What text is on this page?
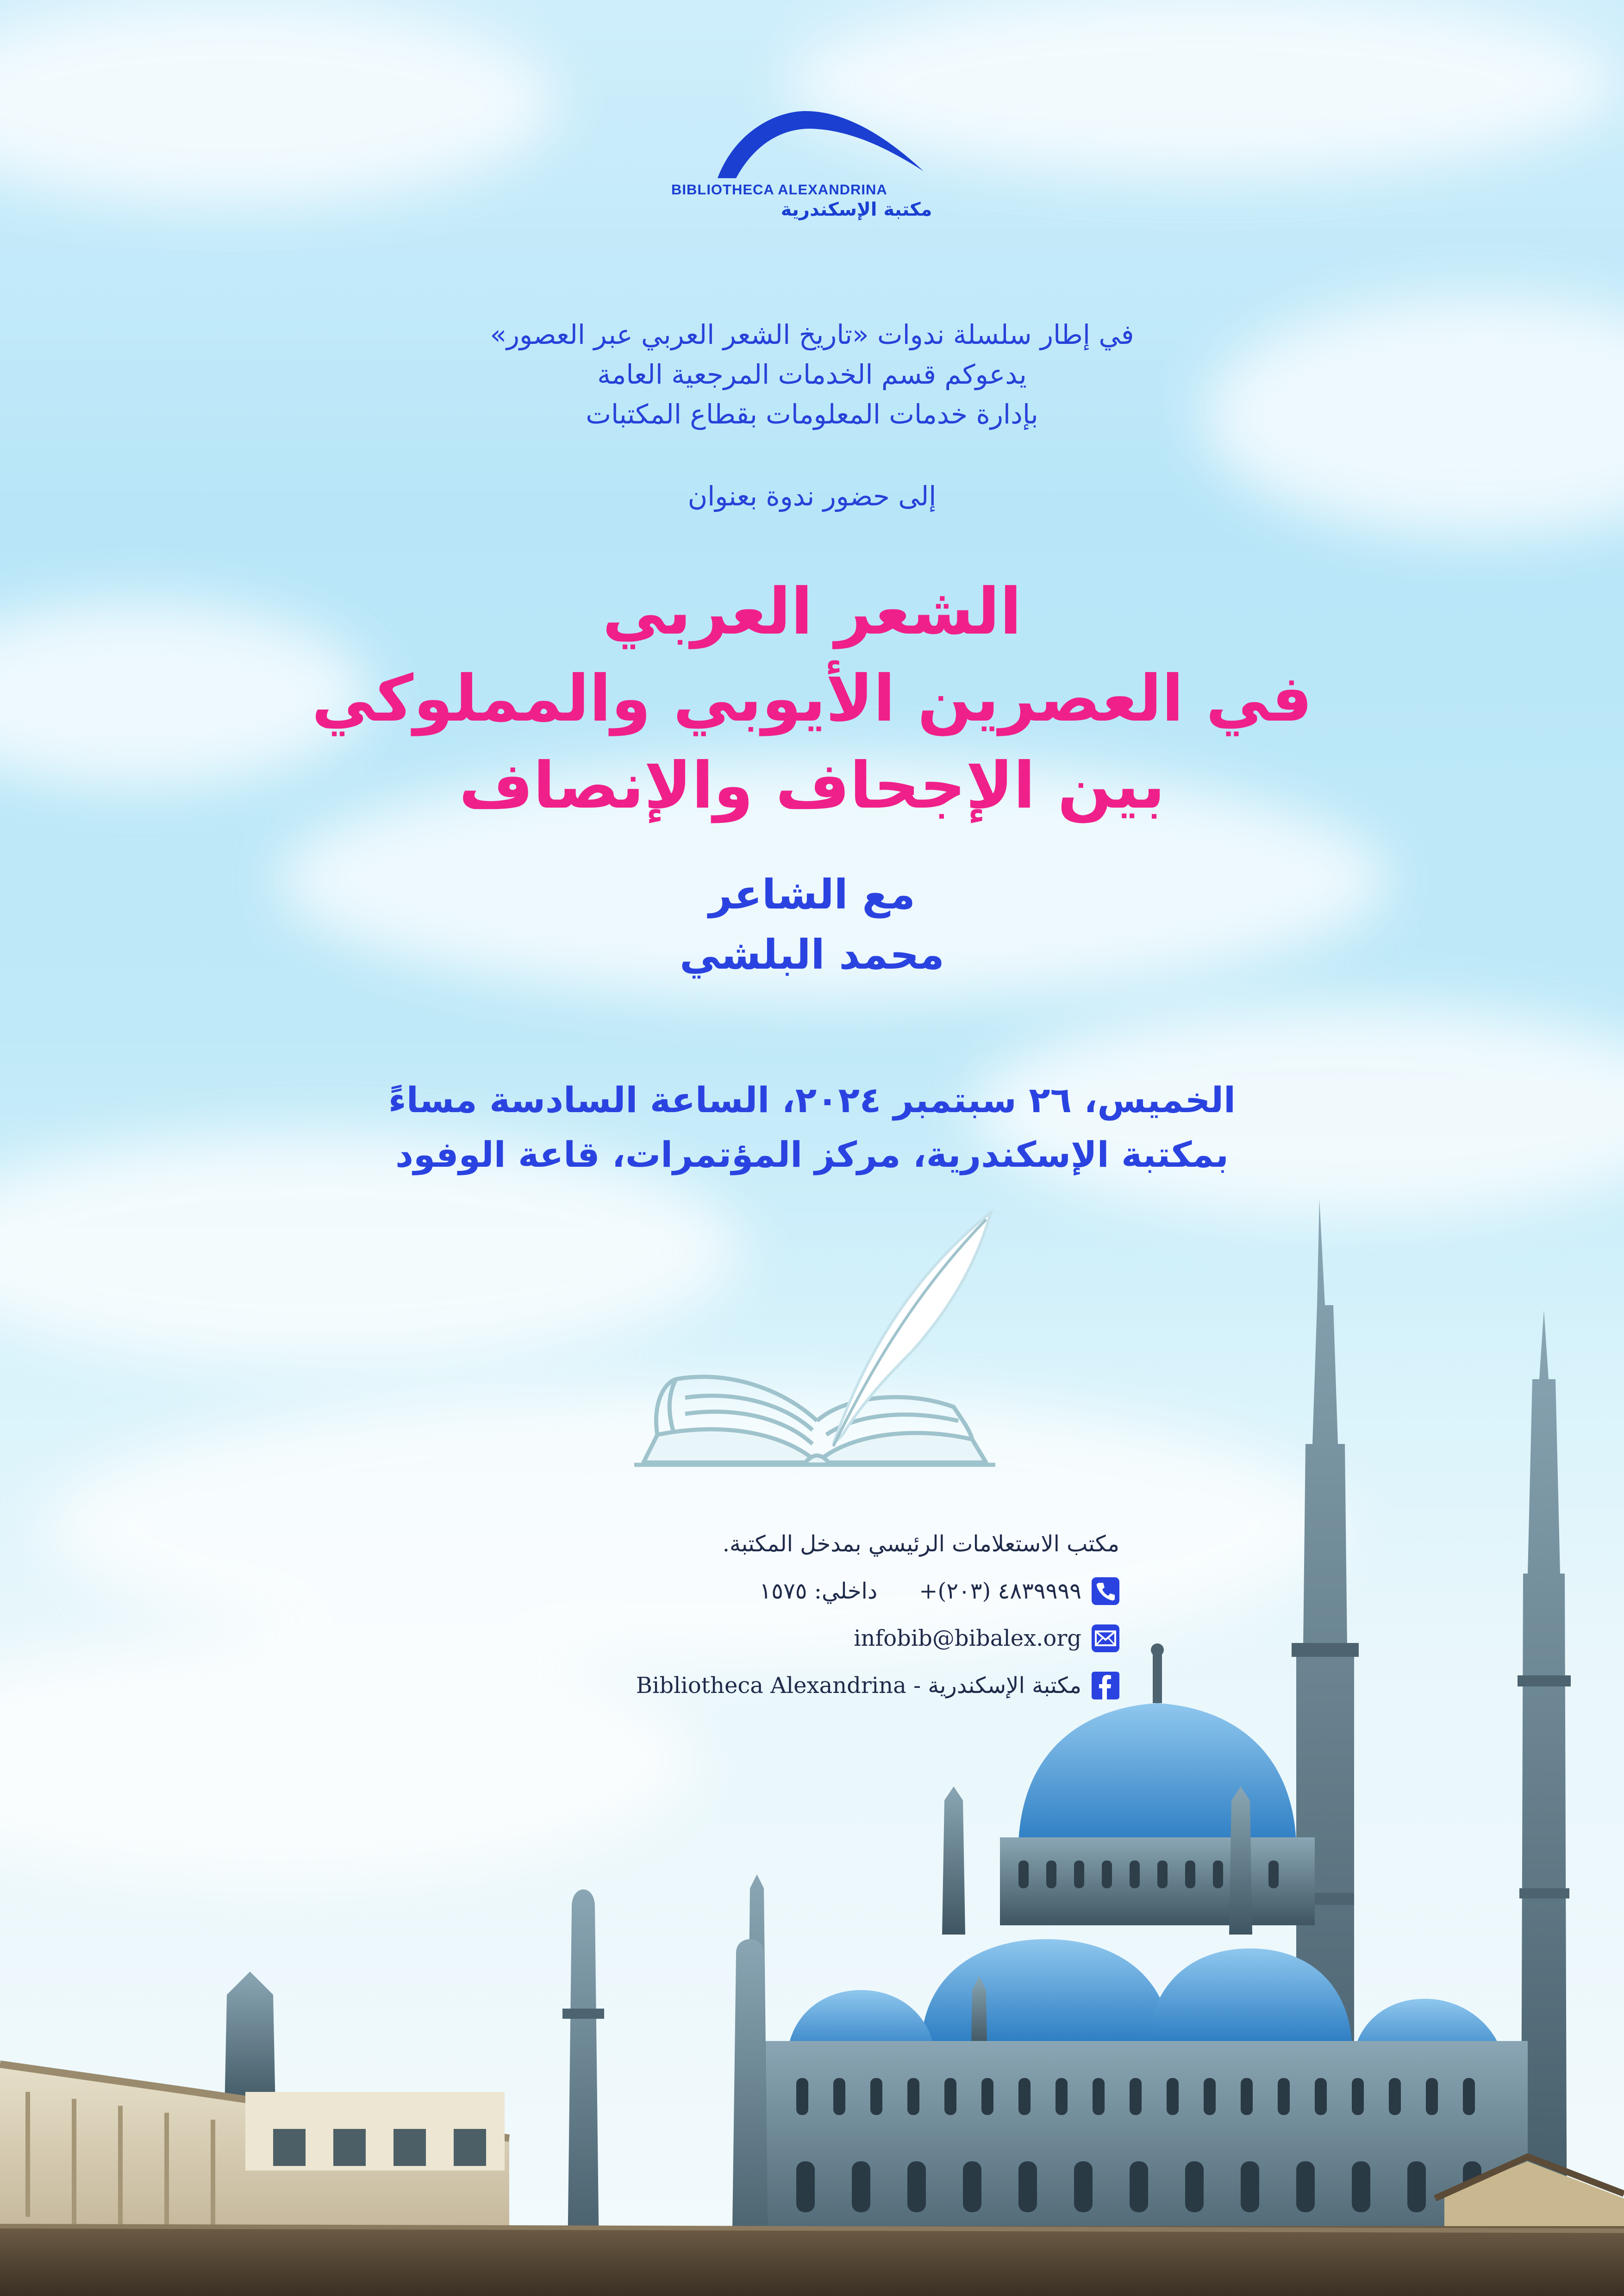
BIBLIOTHECA ALEXANDRINA
مكتبة الإسكندرية
في إطار سلسلة ندوات «تاريخ الشعر العربي عبر العصور»
يدعوكم قسم الخدمات المرجعية العامة
بإدارة خدمات المعلومات بقطاع المكتبات
إلى حضور ندوة بعنوان
الشعر العربي
في العصرين الأيوبي والمملوكي
بين الإجحاف والإنصاف
مع الشاعر
محمد البلشي
الخميس، ٢٦ سبتمبر ٢٠٢٤، الساعة السادسة مساءً
بمكتبة الإسكندرية، مركز المؤتمرات، قاعة الوفود
مكتب الاستعلامات الرئيسي بمدخل المكتبة.
+(٢٠٣) ٤٨٣٩٩٩٩
داخلي: ١٥٧٥
infobib@bibalex.org
Bibliotheca Alexandrina - مكتبة الإسكندرية
